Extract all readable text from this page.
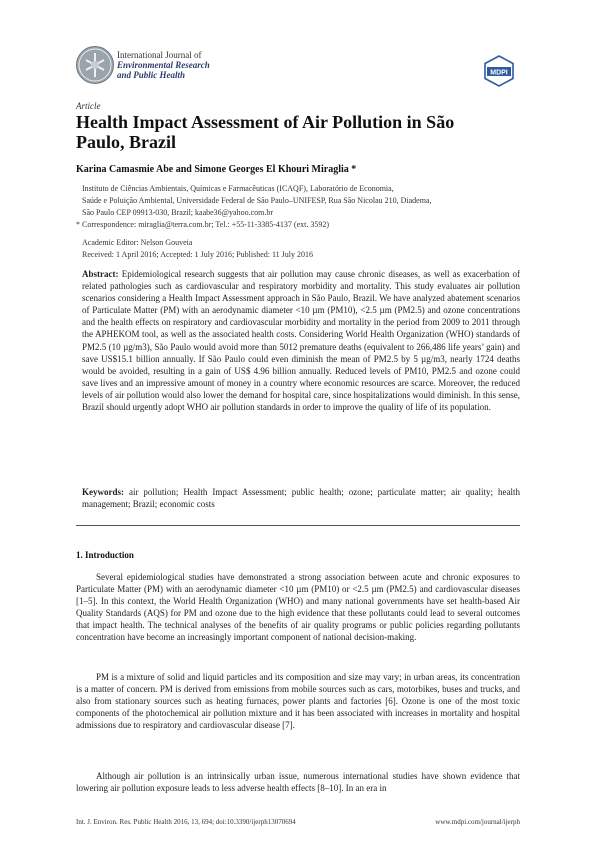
International Journal of
Environmental Research
and Public Health	MDPI
Article
Health Impact Assessment of Air Pollution in São Paulo, Brazil
Karina Camasmie Abe and Simone Georges El Khouri Miraglia *
Instituto de Ciências Ambientais, Químicas e Farmacêuticas (ICAQF), Laboratório de Economia,
Saúde e Poluição Ambiental, Universidade Federal de São Paulo–UNIFESP, Rua São Nicolau 210, Diadema,
São Paulo CEP 09913-030, Brazil; kaabe36@yahoo.com.br
* Correspondence: miraglia@terra.com.br; Tel.: +55-11-3385-4137 (ext. 3592)
Academic Editor: Nelson Gouveia
Received: 1 April 2016; Accepted: 1 July 2016; Published: 11 July 2016
Abstract: Epidemiological research suggests that air pollution may cause chronic diseases, as well as exacerbation of related pathologies such as cardiovascular and respiratory morbidity and mortality. This study evaluates air pollution scenarios considering a Health Impact Assessment approach in São Paulo, Brazil. We have analyzed abatement scenarios of Particulate Matter (PM) with an aerodynamic diameter <10 µm (PM10), <2.5 µm (PM2.5) and ozone concentrations and the health effects on respiratory and cardiovascular morbidity and mortality in the period from 2009 to 2011 through the APHEKOM tool, as well as the associated health costs. Considering World Health Organization (WHO) standards of PM2.5 (10 µg/m3), São Paulo would avoid more than 5012 premature deaths (equivalent to 266,486 life years’ gain) and save US$15.1 billion annually. If São Paulo could even diminish the mean of PM2.5 by 5 µg/m3, nearly 1724 deaths would be avoided, resulting in a gain of US$ 4.96 billion annually. Reduced levels of PM10, PM2.5 and ozone could save lives and an impressive amount of money in a country where economic resources are scarce. Moreover, the reduced levels of air pollution would also lower the demand for hospital care, since hospitalizations would diminish. In this sense, Brazil should urgently adopt WHO air pollution standards in order to improve the quality of life of its population.
Keywords: air pollution; Health Impact Assessment; public health; ozone; particulate matter; air quality; health management; Brazil; economic costs
1. Introduction
Several epidemiological studies have demonstrated a strong association between acute and chronic exposures to Particulate Matter (PM) with an aerodynamic diameter <10 µm (PM10) or <2.5 µm (PM2.5) and cardiovascular diseases [1–5]. In this context, the World Health Organization (WHO) and many national governments have set health-based Air Quality Standards (AQS) for PM and ozone due to the high evidence that these pollutants could lead to several outcomes that impact health. The technical analyses of the benefits of air quality programs or public policies regarding pollutants concentration have become an increasingly important component of national decision-making.
PM is a mixture of solid and liquid particles and its composition and size may vary; in urban areas, its concentration is a matter of concern. PM is derived from emissions from mobile sources such as cars, motorbikes, buses and trucks, and also from stationary sources such as heating furnaces, power plants and factories [6]. Ozone is one of the most toxic components of the photochemical air pollution mixture and it has been associated with increases in mortality and hospital admissions due to respiratory and cardiovascular disease [7].
Although air pollution is an intrinsically urban issue, numerous international studies have shown evidence that lowering air pollution exposure leads to less adverse health effects [8–10]. In an era in
Int. J. Environ. Res. Public Health 2016, 13, 694; doi:10.3390/ijerph13070694	www.mdpi.com/journal/ijerph
